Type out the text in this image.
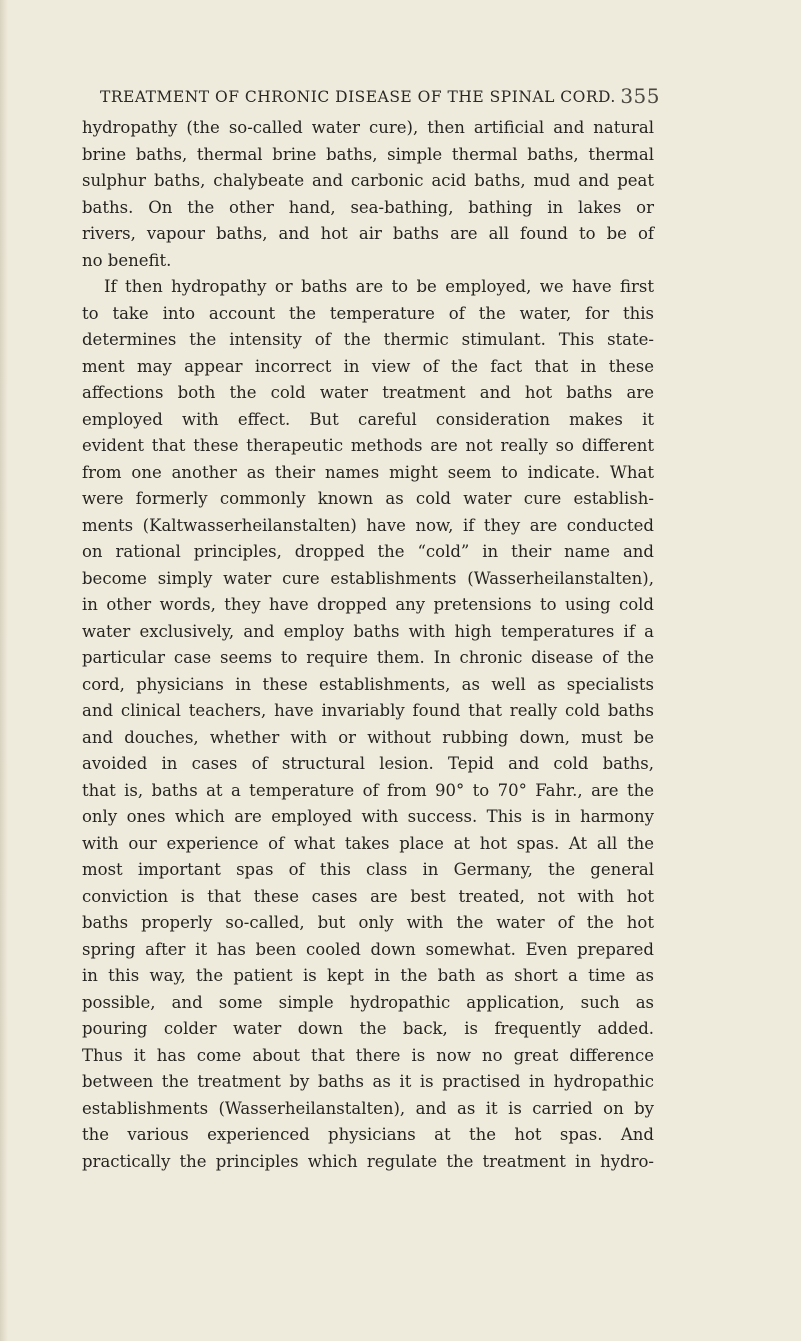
TREATMENT OF CHRONIC DISEASE OF THE SPINAL CORD. 355
hydropathy (the so-called water cure), then artificial and natural
brine baths, thermal brine baths, simple thermal baths, thermal
sulphur baths, chalybeate and carbonic acid baths, mud and peat
baths. On the other hand, sea-bathing, bathing in lakes or
rivers, vapour baths, and hot air baths are all found to be of
no benefit.
If then hydropathy or baths are to be employed, we have first
to take into account the temperature of the water, for this
determines the intensity of the thermic stimulant. This state-
ment may appear incorrect in view of the fact that in these
affections both the cold water treatment and hot baths are
employed with effect. But careful consideration makes it
evident that these therapeutic methods are not really so different
from one another as their names might seem to indicate. What
were formerly commonly known as cold water cure establish-
ments (Kaltwasserheilanstalten) have now, if they are conducted
on rational principles, dropped the “cold” in their name and
become simply water cure establishments (Wasserheilanstalten),
in other words, they have dropped any pretensions to using cold
water exclusively, and employ baths with high temperatures if a
particular case seems to require them. In chronic disease of the
cord, physicians in these establishments, as well as specialists
and clinical teachers, have invariably found that really cold baths
and douches, whether with or without rubbing down, must be
avoided in cases of structural lesion. Tepid and cold baths,
that is, baths at a temperature of from 90° to 70° Fahr., are the
only ones which are employed with success. This is in harmony
with our experience of what takes place at hot spas. At all the
most important spas of this class in Germany, the general
conviction is that these cases are best treated, not with hot
baths properly so-called, but only with the water of the hot
spring after it has been cooled down somewhat. Even prepared
in this way, the patient is kept in the bath as short a time as
possible, and some simple hydropathic application, such as
pouring colder water down the back, is frequently added.
Thus it has come about that there is now no great difference
between the treatment by baths as it is practised in hydropathic
establishments (Wasserheilanstalten), and as it is carried on by
the various experienced physicians at the hot spas. And
practically the principles which regulate the treatment in hydro-
